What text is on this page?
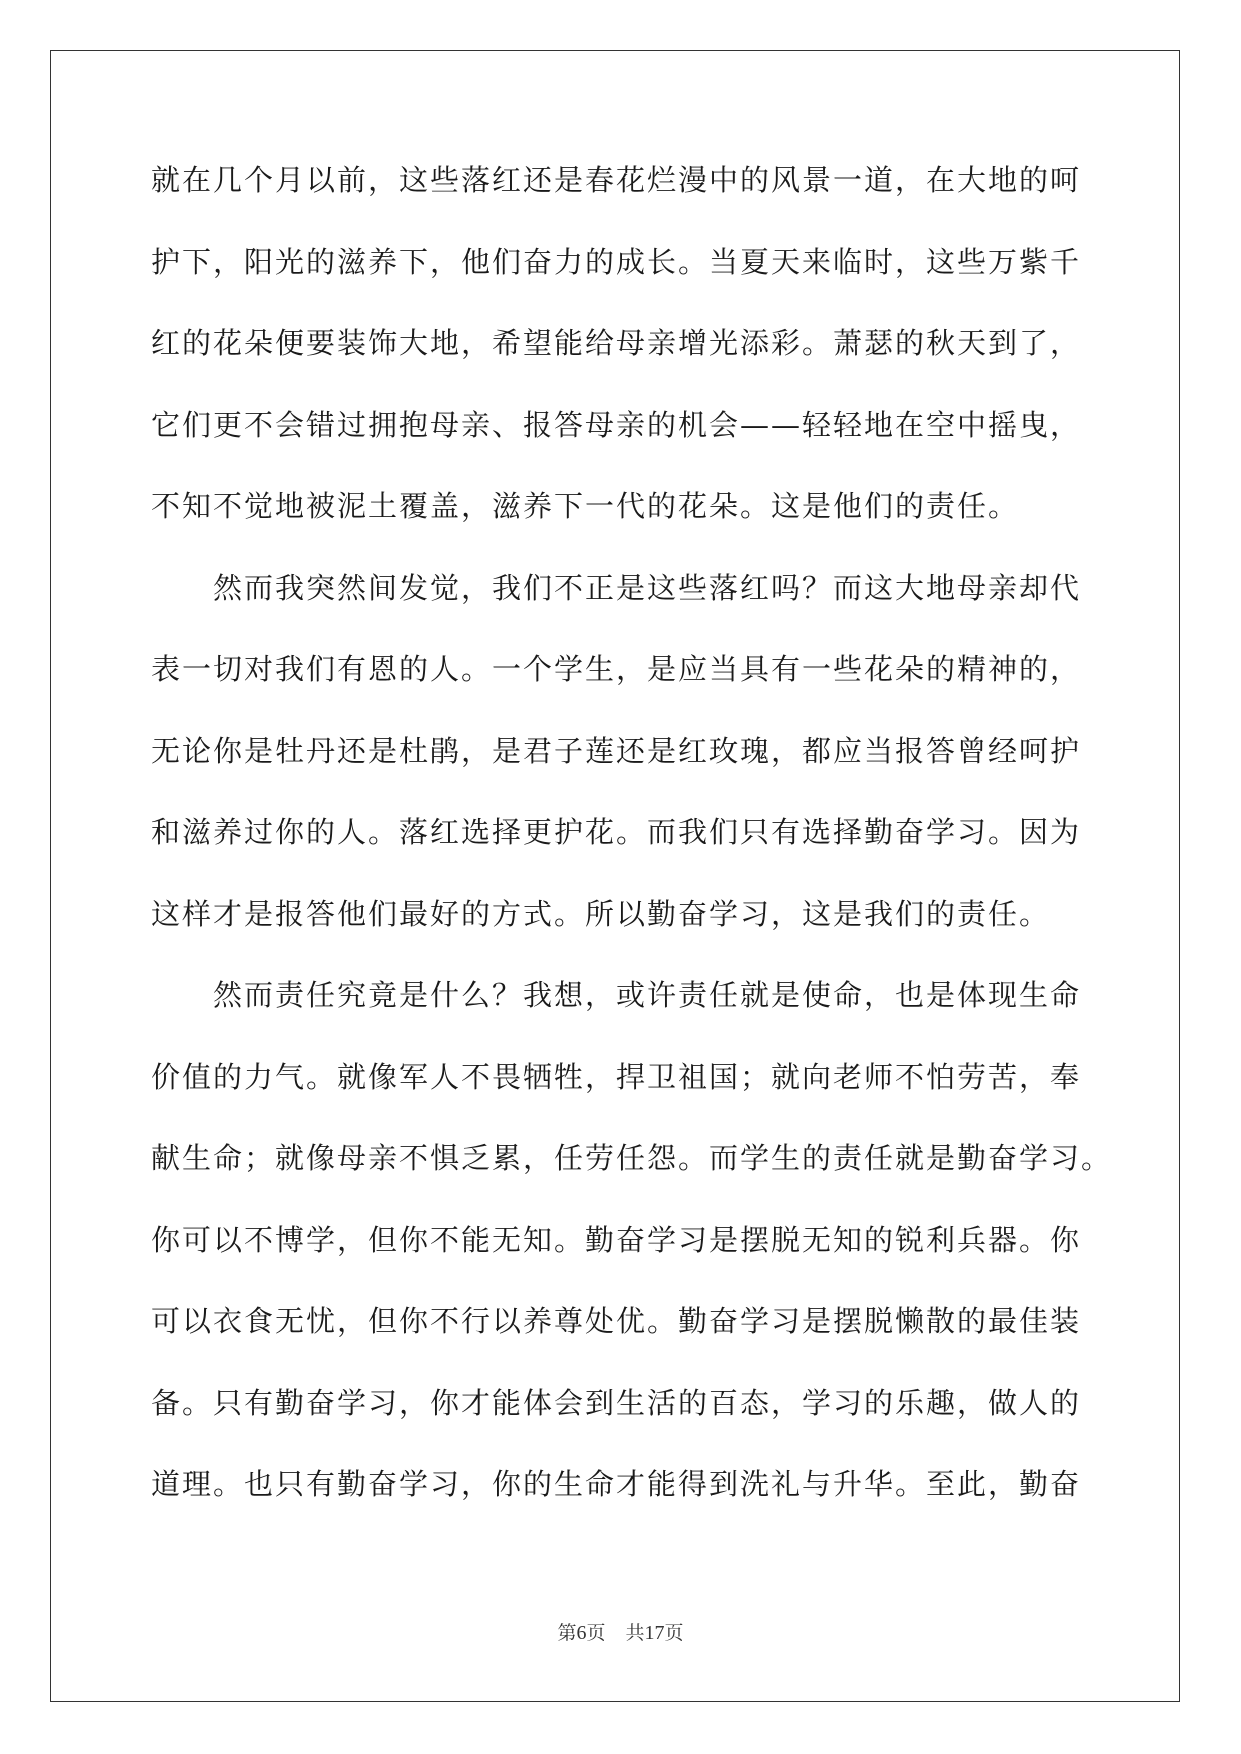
就在几个月以前，这些落红还是春花烂漫中的风景一道，在大地的呵
护下，阳光的滋养下，他们奋力的成长。当夏天来临时，这些万紫千
红的花朵便要装饰大地，希望能给母亲增光添彩。萧瑟的秋天到了，
它们更不会错过拥抱母亲、报答母亲的机会——轻轻地在空中摇曳，
不知不觉地被泥土覆盖，滋养下一代的花朵。这是他们的责任。
然而我突然间发觉，我们不正是这些落红吗？而这大地母亲却代
表一切对我们有恩的人。一个学生，是应当具有一些花朵的精神的，
无论你是牡丹还是杜鹃，是君子莲还是红玫瑰，都应当报答曾经呵护
和滋养过你的人。落红选择更护花。而我们只有选择勤奋学习。因为
这样才是报答他们最好的方式。所以勤奋学习，这是我们的责任。
然而责任究竟是什么？我想，或许责任就是使命，也是体现生命
价值的力气。就像军人不畏牺牲，捍卫祖国；就向老师不怕劳苦，奉
献生命；就像母亲不惧乏累，任劳任怨。而学生的责任就是勤奋学习。
你可以不博学，但你不能无知。勤奋学习是摆脱无知的锐利兵器。你
可以衣食无忧，但你不行以养尊处优。勤奋学习是摆脱懒散的最佳装
备。只有勤奋学习，你才能体会到生活的百态，学习的乐趣，做人的
道理。也只有勤奋学习，你的生命才能得到洗礼与升华。至此，勤奋
第6页 共17页
